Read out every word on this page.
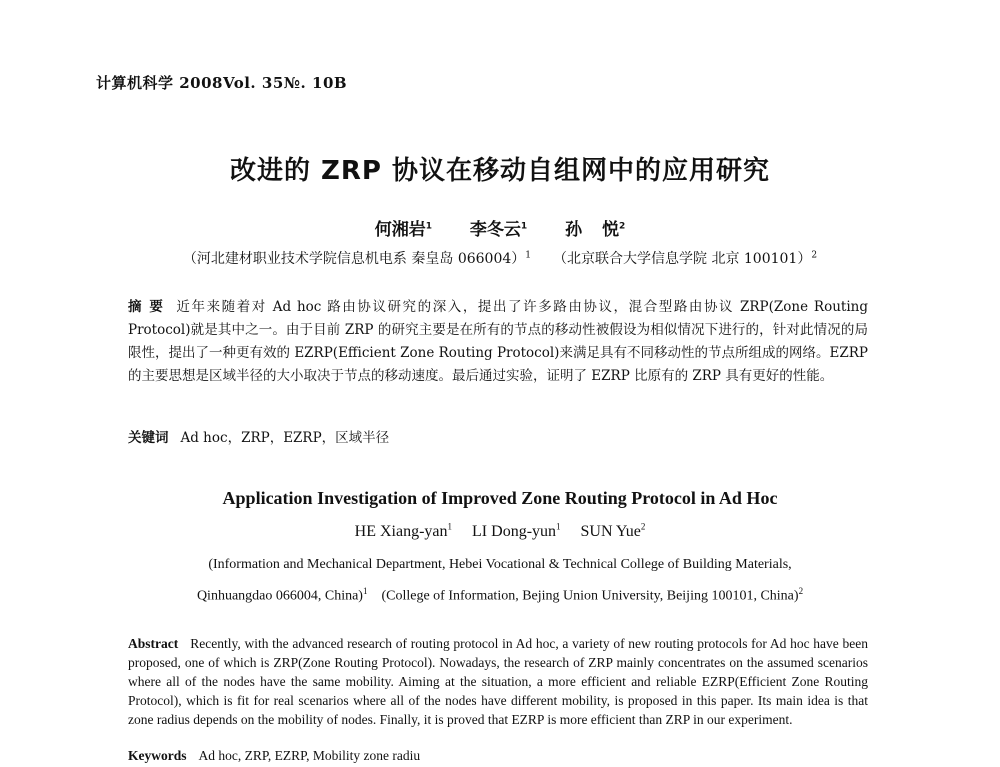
计算机科学 2008Vol. 35№. 10B
改进的 ZRP 协议在移动自组网中的应用研究
何湘岩$^1$ 李冬云$^1$ 孙 悦$^2$
（河北建材职业技术学院信息机电系 秦皇岛 066004）$^1$ （北京联合大学信息学院 北京 100101）$^2$
摘 要 近年来随着对 Ad hoc 路由协议研究的深入，提出了许多路由协议，混合型路由协议 ZRP(Zone Routing Protocol)就是其中之一。由于目前 ZRP 的研究主要是在所有的节点的移动性被假设为相似情况下进行的，针对此情况的局限性，提出了一种更有效的 EZRP(Efficient Zone Routing Protocol)来满足具有不同移动性的节点所组成的网络。EZRP 的主要思想是区域半径的大小取决于节点的移动速度。最后通过实验，证明了 EZRP 比原有的 ZRP 具有更好的性能。
关键词 Ad hoc，ZRP，EZRP，区域半径
Application Investigation of Improved Zone Routing Protocol in Ad Hoc
HE Xiang-yan$^1$ LI Dong-yun$^1$ SUN Yue$^2$
(Information and Mechanical Department, Hebei Vocational & Technical College of Building Materials,
Qinhuangdao 066004, China)$^1$ (College of Information, Bejing Union University, Beijing 100101, China)$^2$
Abstract Recently, with the advanced research of routing protocol in Ad hoc, a variety of new routing protocols for Ad hoc have been proposed, one of which is ZRP(Zone Routing Protocol). Nowadays, the research of ZRP mainly concentrates on the assumed scenarios where all of the nodes have the same mobility. Aiming at the situation, a more efficient and reliable EZRP(Efficient Zone Routing Protocol), which is fit for real scenarios where all of the nodes have different mobility, is proposed in this paper. Its main idea is that zone radius depends on the mobility of nodes. Finally, it is proved that EZRP is more efficient than ZRP in our experiment.
Keywords Ad hoc, ZRP, EZRP, Mobility zone radiu
